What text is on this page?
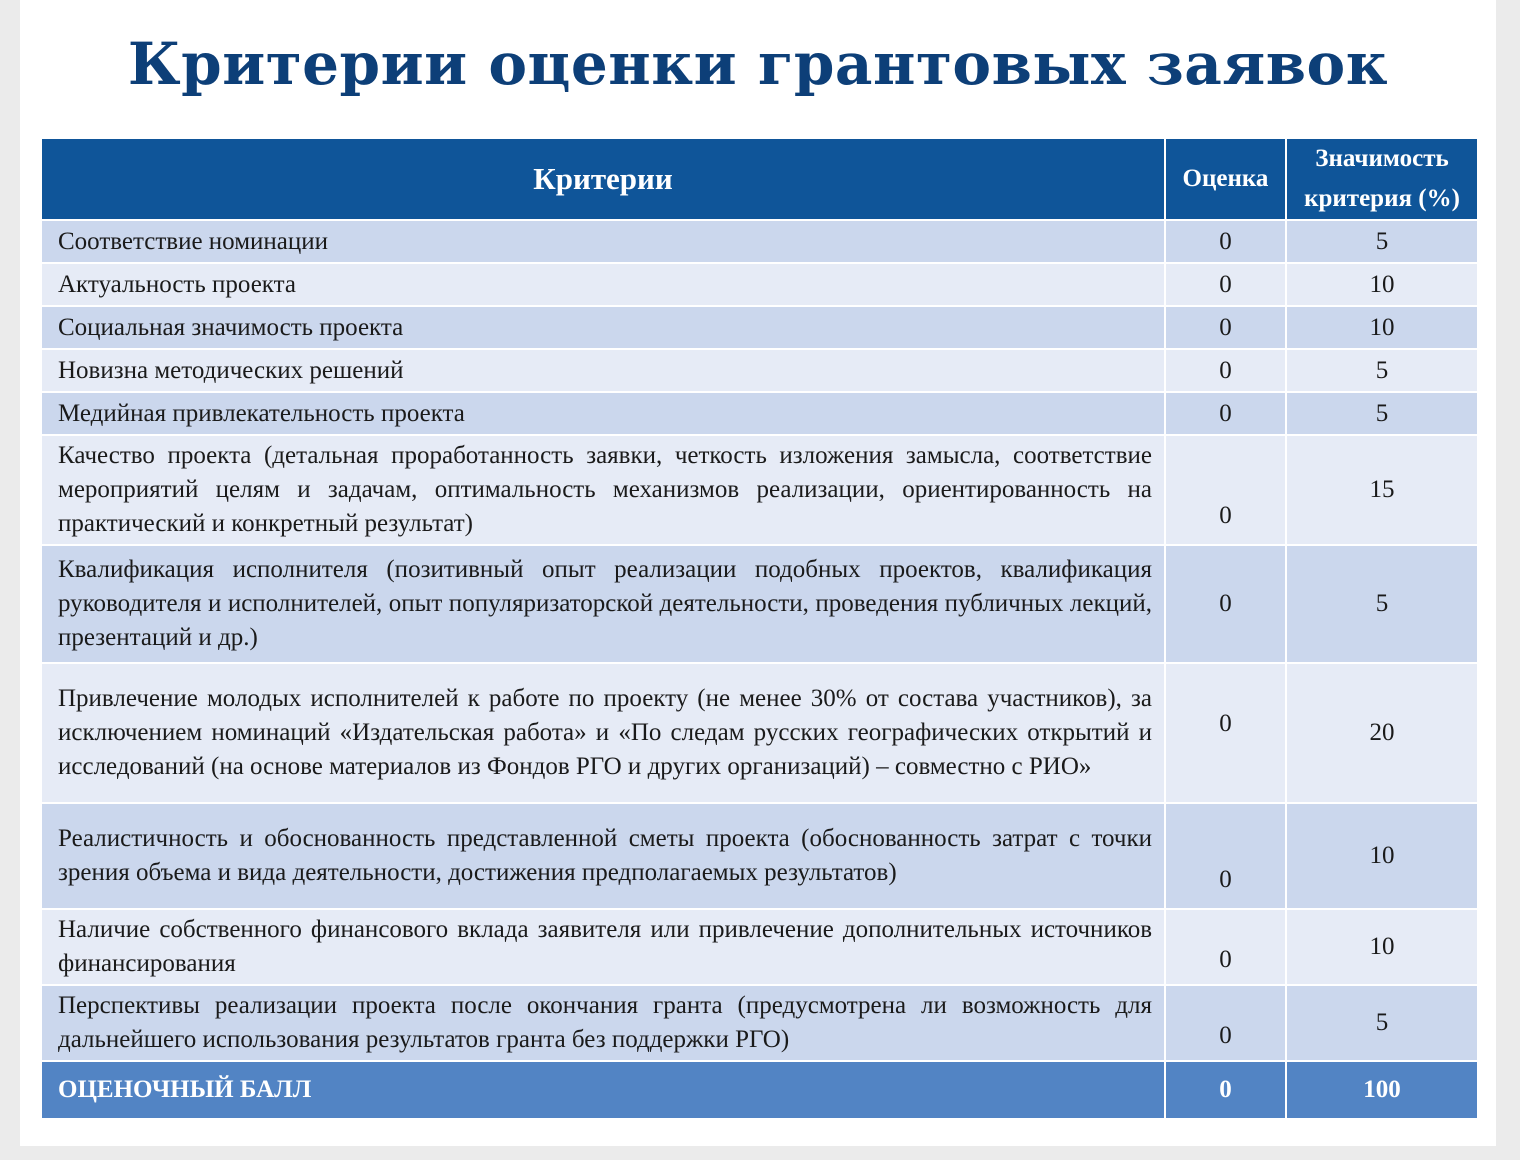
Критерии оценки грантовых заявок
Критерии	Оценка	Значимость
критерия (%)
Соответствие номинации	0	5
Актуальность проекта	0	10
Социальная значимость проекта	0	10
Новизна методических решений	0	5
Медийная привлекательность проекта	0	5
Качество проекта (детальная проработанность заявки, четкость изложения замысла, соответствие мероприятий целям и задачам, оптимальность механизмов реализации, ориентированность на практический и конкретный результат)	0	15
Квалификация исполнителя (позитивный опыт реализации подобных проектов, квалификация руководителя и исполнителей, опыт популяризаторской деятельности, проведения публичных лекций, презентаций и др.)	0	5
Привлечение молодых исполнителей к работе по проекту (не менее 30% от состава участников), за исключением номинаций «Издательская работа» и «По следам русских географических открытий и исследований (на основе материалов из Фондов РГО и других организаций) – совместно с РИО»	0	20
Реалистичность и обоснованность представленной сметы проекта (обоснованность затрат с точки зрения объема и вида деятельности, достижения предполагаемых результатов)	0	10
Наличие собственного финансового вклада заявителя или привлечение дополнительных источников финансирования	0	10
Перспективы реализации проекта после окончания гранта (предусмотрена ли возможность для дальнейшего использования результатов гранта без поддержки РГО)	0	5
ОЦЕНОЧНЫЙ БАЛЛ	0	100
